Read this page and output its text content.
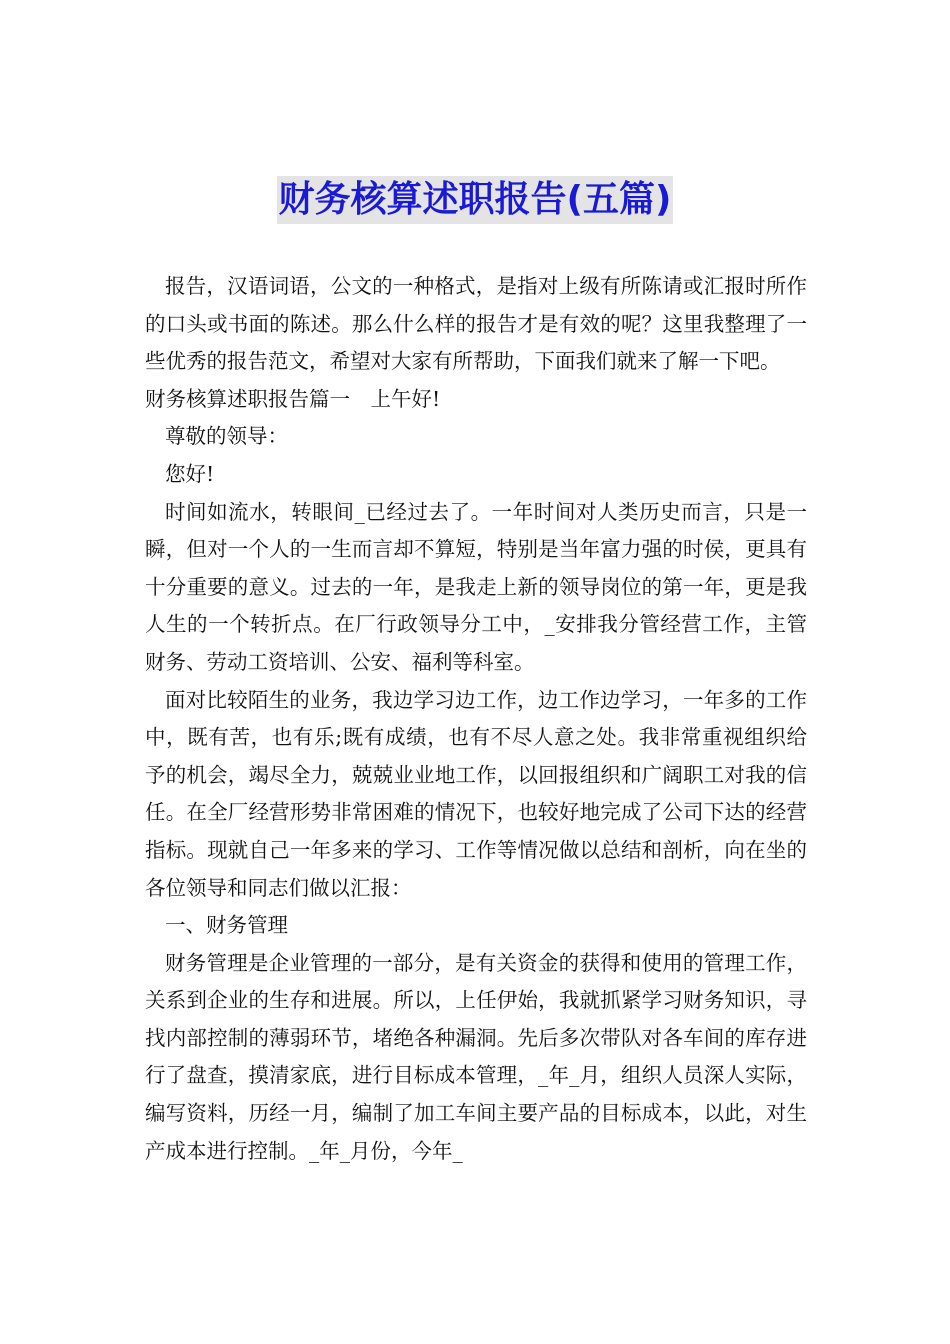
财务核算述职报告(五篇)

报告，汉语词语，公文的一种格式，是指对上级有所陈请或汇报时所作的口头或书面的陈述。那么什么样的报告才是有效的呢？这里我整理了一些优秀的报告范文，希望对大家有所帮助，下面我们就来了解一下吧。

财务核算述职报告篇一　上午好!

尊敬的领导：

您好!

时间如流水，转眼间_已经过去了。一年时间对人类历史而言，只是一瞬，但对一个人的一生而言却不算短，特别是当年富力强的时侯，更具有十分重要的意义。过去的一年，是我走上新的领导岗位的第一年，更是我人生的一个转折点。在厂行政领导分工中，_安排我分管经营工作，主管财务、劳动工资培训、公安、福利等科室。

面对比较陌生的业务，我边学习边工作，边工作边学习，一年多的工作中，既有苦，也有乐;既有成绩，也有不尽人意之处。我非常重视组织给予的机会，竭尽全力，兢兢业业地工作，以回报组织和广阔职工对我的信任。在全厂经营形势非常困难的情况下，也较好地完成了公司下达的经营指标。现就自己一年多来的学习、工作等情况做以总结和剖析，向在坐的各位领导和同志们做以汇报：

一、财务管理

财务管理是企业管理的一部分，是有关资金的获得和使用的管理工作，关系到企业的生存和进展。所以，上任伊始，我就抓紧学习财务知识，寻找内部控制的薄弱环节，堵绝各种漏洞。先后多次带队对各车间的库存进行了盘查，摸清家底，进行目标成本管理，_年_月，组织人员深人实际，编写资料，历经一月，编制了加工车间主要产品的目标成本，以此，对生产成本进行控制。_年_月份，今年_
